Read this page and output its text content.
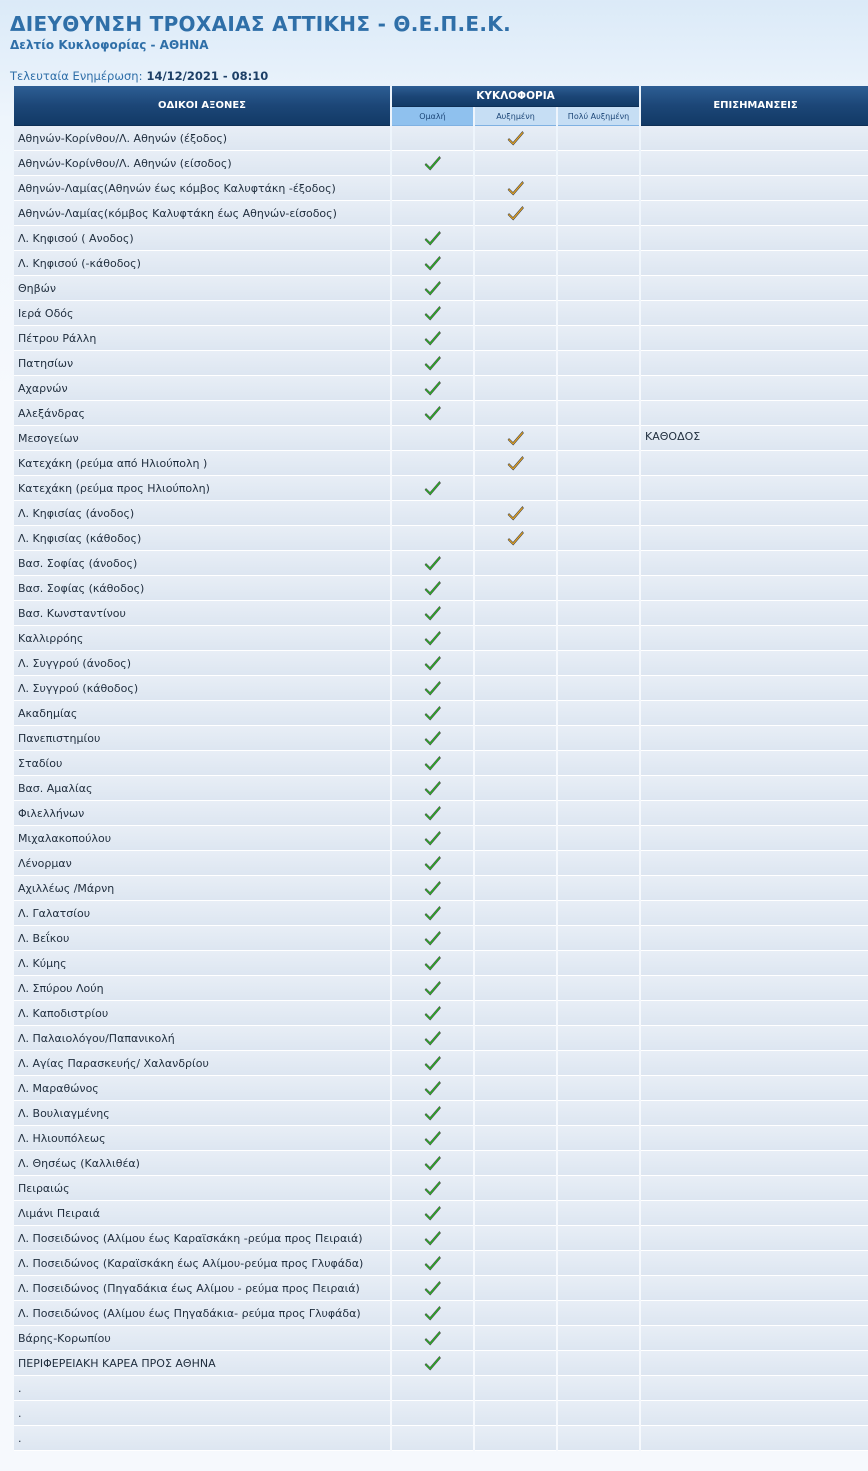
ΔΙΕΥΘΥΝΣΗ ΤΡΟΧΑΙΑΣ ΑΤΤΙΚΗΣ - Θ.Ε.Π.Ε.Κ.
Δελτίο Κυκλοφορίας - ΑΘΗΝΑ
Τελευταία Ενημέρωση: 14/12/2021 - 08:10
ΟΔΙΚΟΙ ΑΞΟΝΕΣ	ΚΥΚΛΟΦΟΡΙΑ			ΕΠΙΣΗΜΑΝΣΕΙΣ
	Ομαλή	Αυξημένη	Πολύ Αυξημένη	
Αθηνών-Κορίνθου/Λ. Αθηνών (έξοδος)				
Αθηνών-Κορίνθου/Λ. Αθηνών (είσοδος)				
Αθηνών-Λαμίας(Αθηνών έως κόμβος Καλυφτάκη -έξοδος)				
Αθηνών-Λαμίας(κόμβος Καλυφτάκη έως Αθηνών-είσοδος)				
Λ. Κηφισού ( Ανοδος)				
Λ. Κηφισού (-κάθοδος)				
Θηβών				
Ιερά Οδός				
Πέτρου Ράλλη				
Πατησίων				
Αχαρνών				
Αλεξάνδρας				
Μεσογείων				ΚΑΘΟΔΟΣ
Κατεχάκη (ρεύμα από Ηλιούπολη )				
Κατεχάκη (ρεύμα προς Ηλιούπολη)				
Λ. Κηφισίας (άνοδος)				
Λ. Κηφισίας (κάθοδος)				
Βασ. Σοφίας (άνοδος)				
Βασ. Σοφίας (κάθοδος)				
Βασ. Κωνσταντίνου				
Καλλιρρόης				
Λ. Συγγρού (άνοδος)				
Λ. Συγγρού (κάθοδος)				
Ακαδημίας				
Πανεπιστημίου				
Σταδίου				
Βασ. Αμαλίας				
Φιλελλήνων				
Μιχαλακοπούλου				
Λένορμαν				
Αχιλλέως /Μάρνη				
Λ. Γαλατσίου				
Λ. Βεΐκου				
Λ. Κύμης				
Λ. Σπύρου Λούη				
Λ. Καποδιστρίου				
Λ. Παλαιολόγου/Παπανικολή				
Λ. Αγίας Παρασκευής/ Χαλανδρίου				
Λ. Μαραθώνος				
Λ. Βουλιαγμένης				
Λ. Ηλιουπόλεως				
Λ. Θησέως (Καλλιθέα)				
Πειραιώς				
Λιμάνι Πειραιά				
Λ. Ποσειδώνος (Αλίμου έως Καραϊσκάκη -ρεύμα προς Πειραιά)				
Λ. Ποσειδώνος (Καραϊσκάκη έως Αλίμου-ρεύμα προς Γλυφάδα)				
Λ. Ποσειδώνος (Πηγαδάκια έως Αλίμου - ρεύμα προς Πειραιά)				
Λ. Ποσειδώνος (Αλίμου έως Πηγαδάκια- ρεύμα προς Γλυφάδα)				
Βάρης-Κορωπίου				
ΠΕΡΙΦΕΡΕΙΑΚΗ ΚΑΡΕΑ ΠΡΟΣ ΑΘΗΝΑ				
.				
.				
.				
